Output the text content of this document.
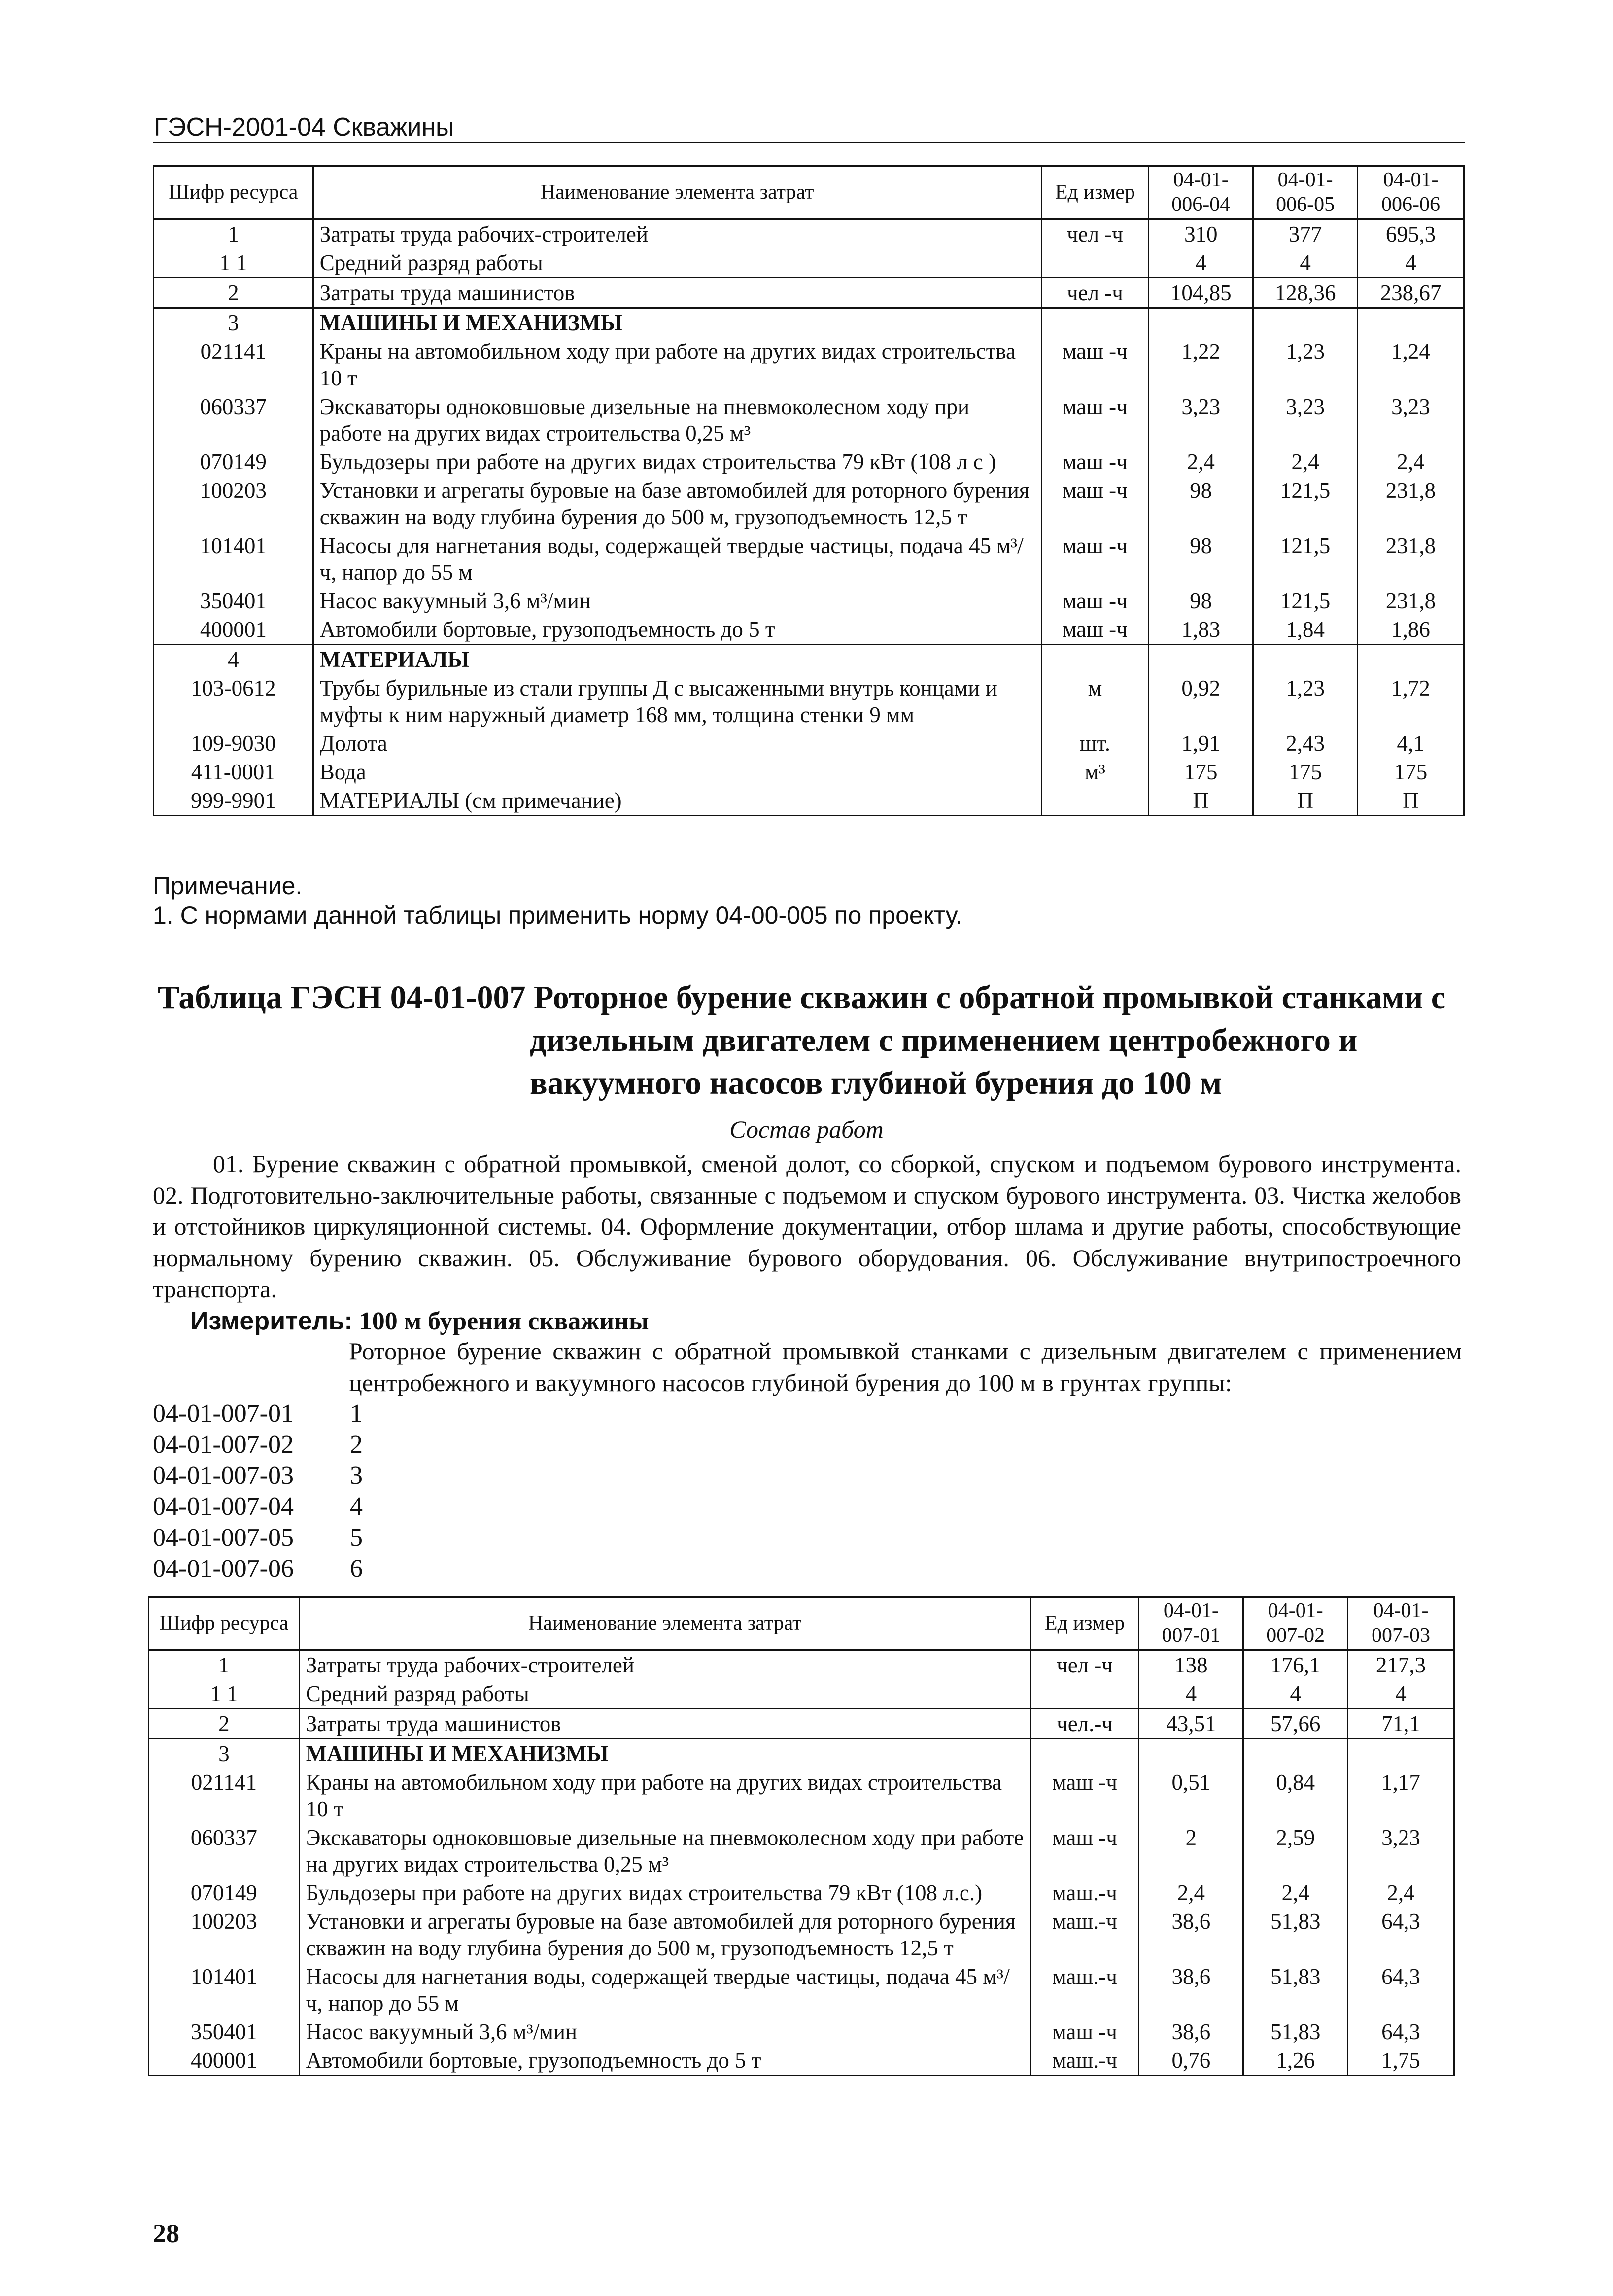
ГЭСН-2001-04 Скважины
Шифр ресурса	Наименование элемента затрат	Ед измер	04-01-006-04	04-01-006-05	04-01-006-06
1	Затраты труда рабочих-строителей	чел -ч	310	377	695,3
1 1	Средний разряд работы		4	4	4
2	Затраты труда машинистов	чел -ч	104,85	128,36	238,67
3	МАШИНЫ И МЕХАНИЗМЫ				
021141	Краны на автомобильном ходу при работе на других видах строительства 10 т	маш -ч	1,22	1,23	1,24
060337	Экскаваторы одноковшовые дизельные на пневмоколесном ходу при работе на других видах строительства 0,25 м³	маш -ч	3,23	3,23	3,23
070149	Бульдозеры при работе на других видах строительства 79 кВт (108 л с )	маш -ч	2,4	2,4	2,4
100203	Установки и агрегаты буровые на базе автомобилей для роторного бурения скважин на воду глубина бурения до 500 м, грузоподъемность 12,5 т	маш -ч	98	121,5	231,8
101401	Насосы для нагнетания воды, содержащей твердые частицы, подача 45 м³/ч, напор до 55 м	маш -ч	98	121,5	231,8
350401	Насос вакуумный 3,6 м³/мин	маш -ч	98	121,5	231,8
400001	Автомобили бортовые, грузоподъемность до 5 т	маш -ч	1,83	1,84	1,86
4	МАТЕРИАЛЫ				
103-0612	Трубы бурильные из стали группы Д с высаженными внутрь концами и муфты к ним наружный диаметр 168 мм, толщина стенки 9 мм	м	0,92	1,23	1,72
109-9030	Долота	шт.	1,91	2,43	4,1
411-0001	Вода	м³	175	175	175
999-9901	МАТЕРИАЛЫ (см примечание)		П	П	П
Примечание.
1. С нормами данной таблицы применить норму 04-00-005 по проекту.
Таблица ГЭСН 04-01-007 Роторное бурение скважин с обратной промывкой станками с
дизельным двигателем с применением центробежного и вакуумного насосов глубиной бурения до 100 м
Состав работ
01. Бурение скважин с обратной промывкой, сменой долот, со сборкой, спуском и подъемом бурового инструмента. 02. Подготовительно-заключительные работы, связанные с подъемом и спуском бурового инструмента. 03. Чистка желобов и отстойников циркуляционной системы. 04. Оформление документации, отбор шлама и другие работы, способствующие нормальному бурению скважин. 05. Обслуживание бурового оборудования. 06. Обслуживание внутрипостроечного транспорта.
Измеритель: 100 м бурения скважины
Роторное бурение скважин с обратной промывкой станками с дизельным двигателем с применением центробежного и вакуумного насосов глубиной бурения до 100 м в грунтах группы:
04-01-007-01	1
04-01-007-02	2
04-01-007-03	3
04-01-007-04	4
04-01-007-05	5
04-01-007-06	6
Шифр ресурса	Наименование элемента затрат	Ед измер	04-01-007-01	04-01-007-02	04-01-007-03
1	Затраты труда рабочих-строителей	чел -ч	138	176,1	217,3
1 1	Средний разряд работы		4	4	4
2	Затраты труда машинистов	чел.-ч	43,51	57,66	71,1
3	МАШИНЫ И МЕХАНИЗМЫ				
021141	Краны на автомобильном ходу при работе на других видах строительства 10 т	маш -ч	0,51	0,84	1,17
060337	Экскаваторы одноковшовые дизельные на пневмоколесном ходу при работе на других видах строительства 0,25 м³	маш -ч	2	2,59	3,23
070149	Бульдозеры при работе на других видах строительства 79 кВт (108 л.с.)	маш.-ч	2,4	2,4	2,4
100203	Установки и агрегаты буровые на базе автомобилей для роторного бурения скважин на воду глубина бурения до 500 м, грузоподъемность 12,5 т	маш.-ч	38,6	51,83	64,3
101401	Насосы для нагнетания воды, содержащей твердые частицы, подача 45 м³/ч, напор до 55 м	маш.-ч	38,6	51,83	64,3
350401	Насос вакуумный 3,6 м³/мин	маш -ч	38,6	51,83	64,3
400001	Автомобили бортовые, грузоподъемность до 5 т	маш.-ч	0,76	1,26	1,75
28
